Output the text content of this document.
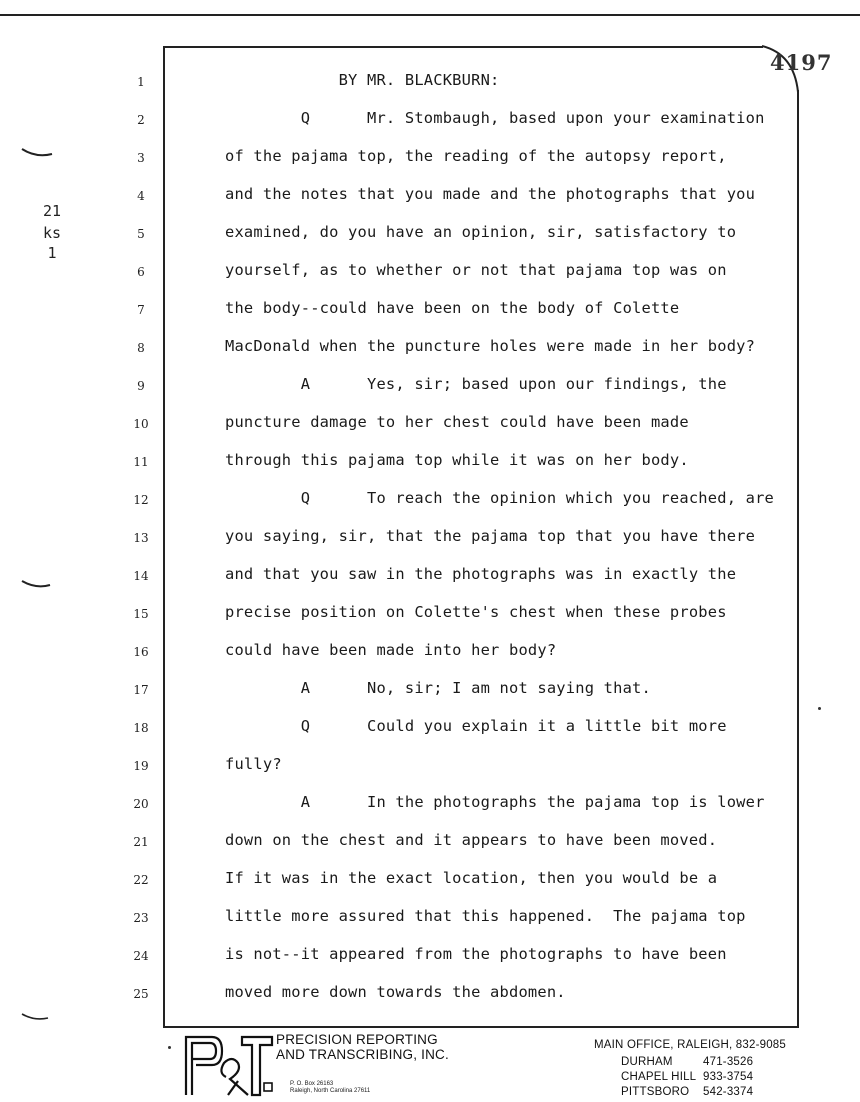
4197
21
ks
1
1	BY MR. BLACKBURN:
2	Q      Mr. Stombaugh, based upon your examination
3	of the pajama top, the reading of the autopsy report,
4	and the notes that you made and the photographs that you
5	examined, do you have an opinion, sir, satisfactory to
6	yourself, as to whether or not that pajama top was on
7	the body--could have been on the body of Colette
8	MacDonald when the puncture holes were made in her body?
9	A      Yes, sir; based upon our findings, the
10	puncture damage to her chest could have been made
11	through this pajama top while it was on her body.
12	Q      To reach the opinion which you reached, are
13	you saying, sir, that the pajama top that you have there
14	and that you saw in the photographs was in exactly the
15	precise position on Colette's chest when these probes
16	could have been made into her body?
17	A      No, sir; I am not saying that.
18	Q      Could you explain it a little bit more
19	fully?
20	A      In the photographs the pajama top is lower
21	down on the chest and it appears to have been moved.
22	If it was in the exact location, then you would be a
23	little more assured that this happened.  The pajama top
24	is not--it appeared from the photographs to have been
25	moved more down towards the abdomen.
PRECISION REPORTING
AND TRANSCRIBING, INC.
P. O. Box 26163
Raleigh, North Carolina 27611
MAIN OFFICE, RALEIGH, 832-9085
DURHAM	471-3526
CHAPEL HILL 933-3754
PITTSBORO 542-3374
